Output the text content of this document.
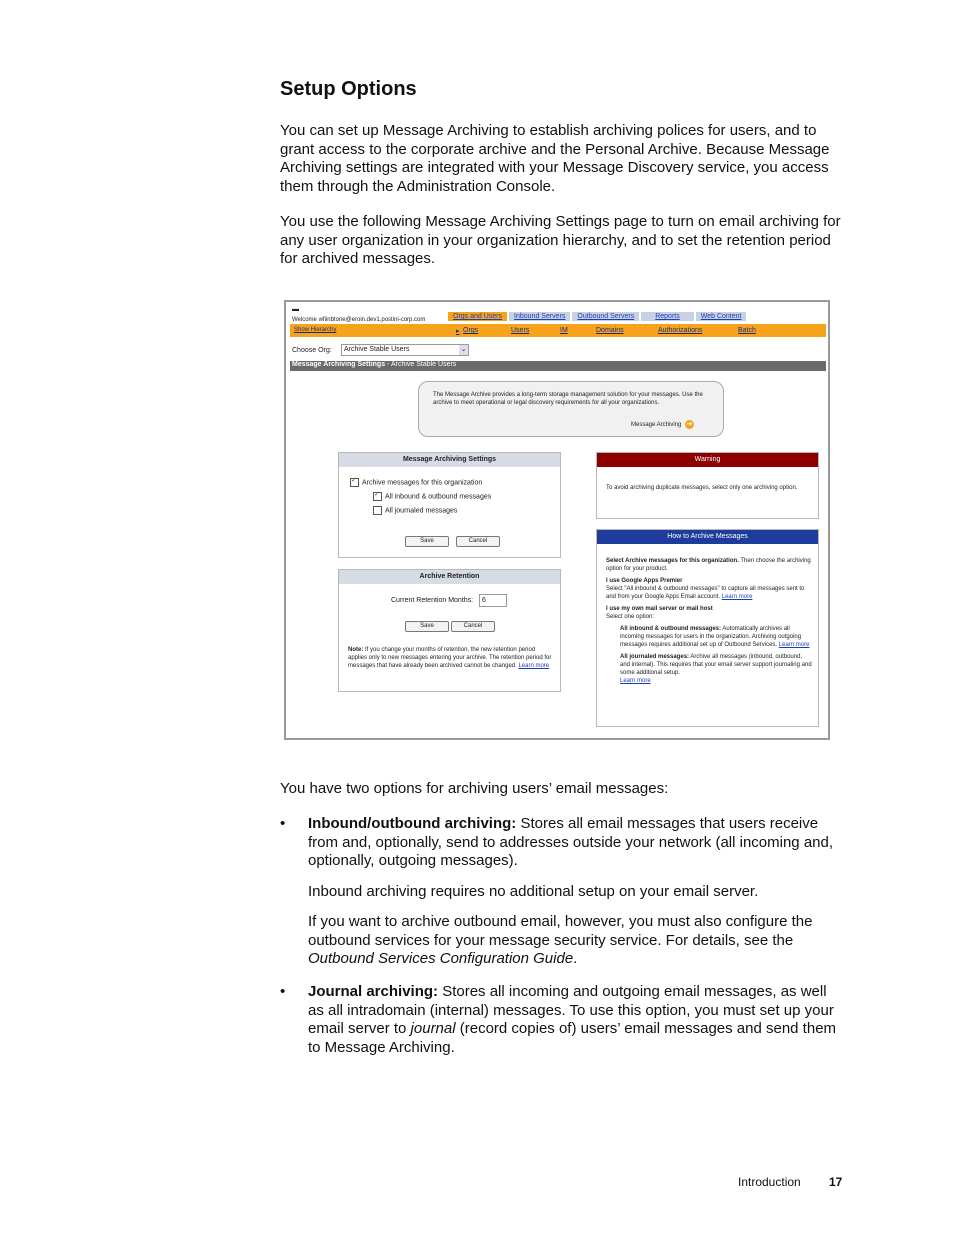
Setup Options

You can set up Message Archiving to establish archiving polices for users, and to grant access to the corporate archive and the Personal Archive. Because Message Archiving settings are integrated with your Message Discovery service, you access them through the Administration Console.

You use the following Message Archiving Settings page to turn on email archiving for any user organization in your organization hierarchy, and to set the retention period for archived messages.

▬
Welcome wfiinbtone@eroin.dev1.postini-corp.com	Orgs and Users	Inbound Servers	Outbound Servers	Reports	Web Content
Show Hierarchy	▸ Orgs	Users	IM	Domains	Authorizations	Batch
Choose Org:	Archive Stable Users	⌄
Message Archiving Settings - Archive Stable Users
The Message Archive provides a long-term storage management solution for your messages. Use the archive to meet operational or legal discovery requirements for all your organizations.
Message Archiving ➔
Message Archiving Settings
✓Archive messages for this organization
✓All inbound & outbound messages
All journaled messages
Save	Cancel
Archive Retention
Current Retention Months:	6
Save	Cancel
Note: If you change your months of retention, the new retention period applies only to new messages entering your archive. The retention period for messages that have already been archived cannot be changed. Learn more
Warning
To avoid archiving duplicate messages, select only one archiving option.
How to Archive Messages
Select Archive messages for this organization. Then choose the archiving option for your product.
I use Google Apps Premier
Select "All inbound & outbound messages" to capture all messages sent to and from your Google Apps Email account. Learn more
I use my own mail server or mail host
Select one option:
All inbound & outbound messages: Automatically archives all incoming messages for users in the organization. Archiving outgoing messages requires additional set up of Outbound Services. Learn more
All journaled messages: Archive all messages (inbound, outbound, and internal). This requires that your email server support journaling and some additional setup.
Learn more

You have two options for archiving users’ email messages:

• Inbound/outbound archiving: Stores all email messages that users receive from and, optionally, send to addresses outside your network (all incoming and, optionally, outgoing messages).
Inbound archiving requires no additional setup on your email server.
If you want to archive outbound email, however, you must also configure the outbound services for your message security service. For details, see the Outbound Services Configuration Guide.
• Journal archiving: Stores all incoming and outgoing email messages, as well as all intradomain (internal) messages. To use this option, you must set up your email server to journal (record copies of) users’ email messages and send them to Message Archiving.
Introduction 17
